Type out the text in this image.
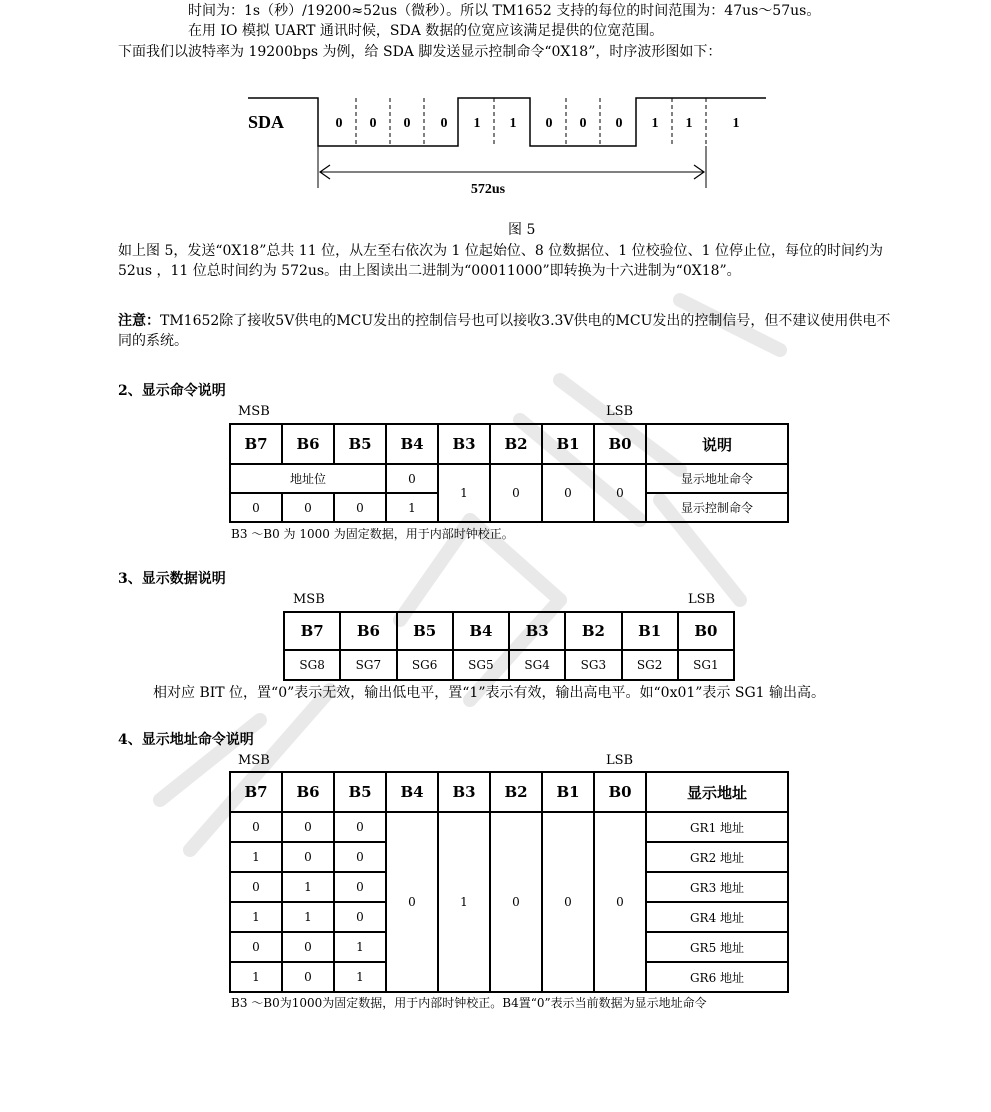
时间为：1s（秒）/19200≈52us（微秒）。所以 TM1652 支持的每位的时间范围为：47us～57us。
在用 IO 模拟 UART 通讯时候，SDA 数据的位宽应该满足提供的位宽范围。
下面我们以波特率为 19200bps 为例，给 SDA 脚发送显示控制命令“0X18”，时序波形图如下：
SDA	0 0 0 0 1 1 0 0 0 1 1	1
572us
图 5
如上图 5，发送“0X18”总共 11 位，从左至右依次为 1 位起始位、8 位数据位、1 位校验位、1 位停止位，每位的时间约为 52us ，11 位总时间约为 572us。由上图读出二进制为“00011000”即转换为十六进制为“0X18”。
注意：TM1652除了接收5V供电的MCU发出的控制信号也可以接收3.3V供电的MCU发出的控制信号，但不建议使用供电不同的系统。
2、显示命令说明
MSB	LSB
B7	B6	B5	B4	B3	B2	B1	B0	说明
地址位			0	1	0	0	0	显示地址命令
0	0	0	1					显示控制命令
B3 ～B0 为 1000 为固定数据，用于内部时钟校正。
3、显示数据说明
MSB	LSB
B7	B6	B5	B4	B3	B2	B1	B0
SG8	SG7	SG6	SG5	SG4	SG3	SG2	SG1
相对应 BIT 位，置“0”表示无效，输出低电平，置“1”表示有效，输出高电平。如“0x01”表示 SG1 输出高。
4、显示地址命令说明
MSB	LSB
B7	B6	B5	B4	B3	B2	B1	B0	显示地址
0	0	0	0	1	0	0	0	GR1 地址
1	0	0						GR2 地址
0	1	0						GR3 地址
1	1	0						GR4 地址
0	0	1						GR5 地址
1	0	1						GR6 地址
B3 ～B0为1000为固定数据，用于内部时钟校正。B4置“0”表示当前数据为显示地址命令
